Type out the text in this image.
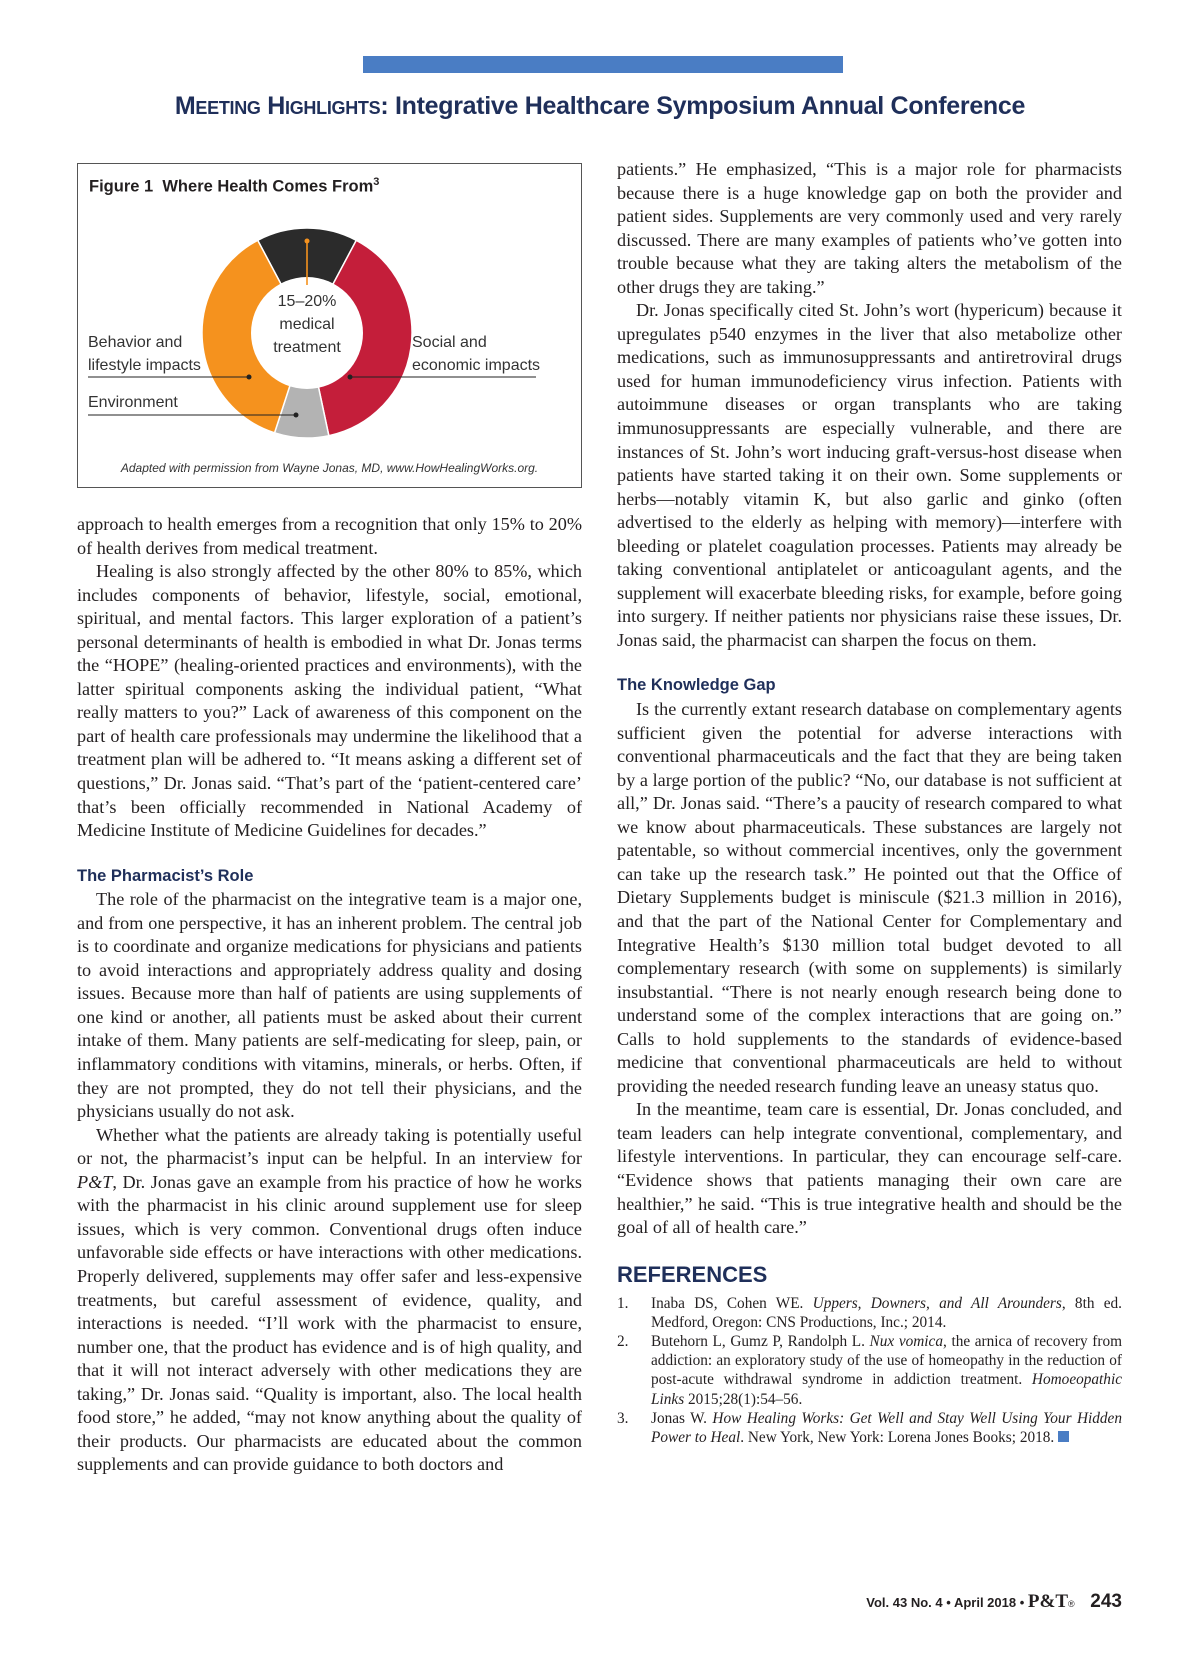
Meeting Highlights: Integrative Healthcare Symposium Annual Conference
Figure 1 Where Health Comes From$^3$
15–20%
medical
treatment
Behavior and
lifestyle impacts
Social and
economic impacts
Environment
Adapted with permission from Wayne Jonas, MD, www.HowHealingWorks.org.

approach to health emerges from a recognition that only 15% to 20% of health derives from medical treatment.

Healing is also strongly affected by the other 80% to 85%, which includes components of behavior, lifestyle, social, emotional, spiritual, and mental factors. This larger exploration of a patient’s personal determinants of health is embodied in what Dr. Jonas terms the “HOPE” (healing-oriented practices and environments), with the latter spiritual components asking the individual patient, “What really matters to you?” Lack of awareness of this component on the part of health care professionals may undermine the likelihood that a treatment plan will be adhered to. “It means asking a different set of questions,” Dr. Jonas said. “That’s part of the ‘patient-centered care’ that’s been officially recommended in National Academy of Medicine Institute of Medicine Guidelines for decades.”

The Pharmacist’s Role

The role of the pharmacist on the integrative team is a major one, and from one perspective, it has an inherent problem. The central job is to coordinate and organize medications for physicians and patients to avoid interactions and appropriately address quality and dosing issues. Because more than half of patients are using supplements of one kind or another, all patients must be asked about their current intake of them. Many patients are self-medicating for sleep, pain, or inflammatory conditions with vitamins, minerals, or herbs. Often, if they are not prompted, they do not tell their physicians, and the physicians usually do not ask.

Whether what the patients are already taking is potentially useful or not, the pharmacist’s input can be helpful. In an interview for P&T, Dr. Jonas gave an example from his practice of how he works with the pharmacist in his clinic around supplement use for sleep issues, which is very common. Conventional drugs often induce unfavorable side effects or have interactions with other medications. Properly delivered, supplements may offer safer and less-expensive treatments, but careful assessment of evidence, quality, and interactions is needed. “I’ll work with the pharmacist to ensure, number one, that the product has evidence and is of high quality, and that it will not interact adversely with other medications they are taking,” Dr. Jonas said. “Quality is important, also. The local health food store,” he added, “may not know anything about the quality of their products. Our pharmacists are educated about the common supplements and can provide guidance to both doctors and

patients.” He emphasized, “This is a major role for pharmacists because there is a huge knowledge gap on both the provider and patient sides. Supplements are very commonly used and very rarely discussed. There are many examples of patients who’ve gotten into trouble because what they are taking alters the metabolism of the other drugs they are taking.”

Dr. Jonas specifically cited St. John’s wort (hypericum) because it upregulates p540 enzymes in the liver that also metabolize other medications, such as immunosuppressants and antiretroviral drugs used for human immunodeficiency virus infection. Patients with autoimmune diseases or organ transplants who are taking immunosuppressants are especially vulnerable, and there are instances of St. John’s wort inducing graft-versus-host disease when patients have started taking it on their own. Some supplements or herbs—notably vitamin K, but also garlic and ginko (often advertised to the elderly as helping with memory)—interfere with bleeding or platelet coagulation processes. Patients may already be taking conventional antiplatelet or anticoagulant agents, and the supplement will exacerbate bleeding risks, for example, before going into surgery. If neither patients nor physicians raise these issues, Dr. Jonas said, the pharmacist can sharpen the focus on them.

The Knowledge Gap

Is the currently extant research database on complementary agents sufficient given the potential for adverse interactions with conventional pharmaceuticals and the fact that they are being taken by a large portion of the public? “No, our database is not sufficient at all,” Dr. Jonas said. “There’s a paucity of research compared to what we know about pharmaceuticals. These substances are largely not patentable, so without commercial incentives, only the government can take up the research task.” He pointed out that the Office of Dietary Supplements budget is miniscule ($21.3 million in 2016), and that the part of the National Center for Complementary and Integrative Health’s $130 million total budget devoted to all complementary research (with some on supplements) is similarly insubstantial. “There is not nearly enough research being done to understand some of the complex interactions that are going on.” Calls to hold supplements to the standards of evidence-based medicine that conventional pharmaceuticals are held to without providing the needed research funding leave an uneasy status quo.

In the meantime, team care is essential, Dr. Jonas concluded, and team leaders can help integrate conventional, complementary, and lifestyle interventions. In particular, they can encourage self-care. “Evidence shows that patients managing their own care are healthier,” he said. “This is true integrative health and should be the goal of all of health care.”

REFERENCES
1. Inaba DS, Cohen WE. Uppers, Downers, and All Arounders, 8th ed. Medford, Oregon: CNS Productions, Inc.; 2014.
2. Butehorn L, Gumz P, Randolph L. Nux vomica, the arnica of recovery from addiction: an exploratory study of the use of homeopathy in the reduction of post-acute withdrawal syndrome in addiction treatment. Homoeopathic Links 2015;28(1):54–56.
3. Jonas W. How Healing Works: Get Well and Stay Well Using Your Hidden Power to Heal. New York, New York: Lorena Jones Books; 2018.
Vol. 43 No. 4 • April 2018 • P&T® 243
